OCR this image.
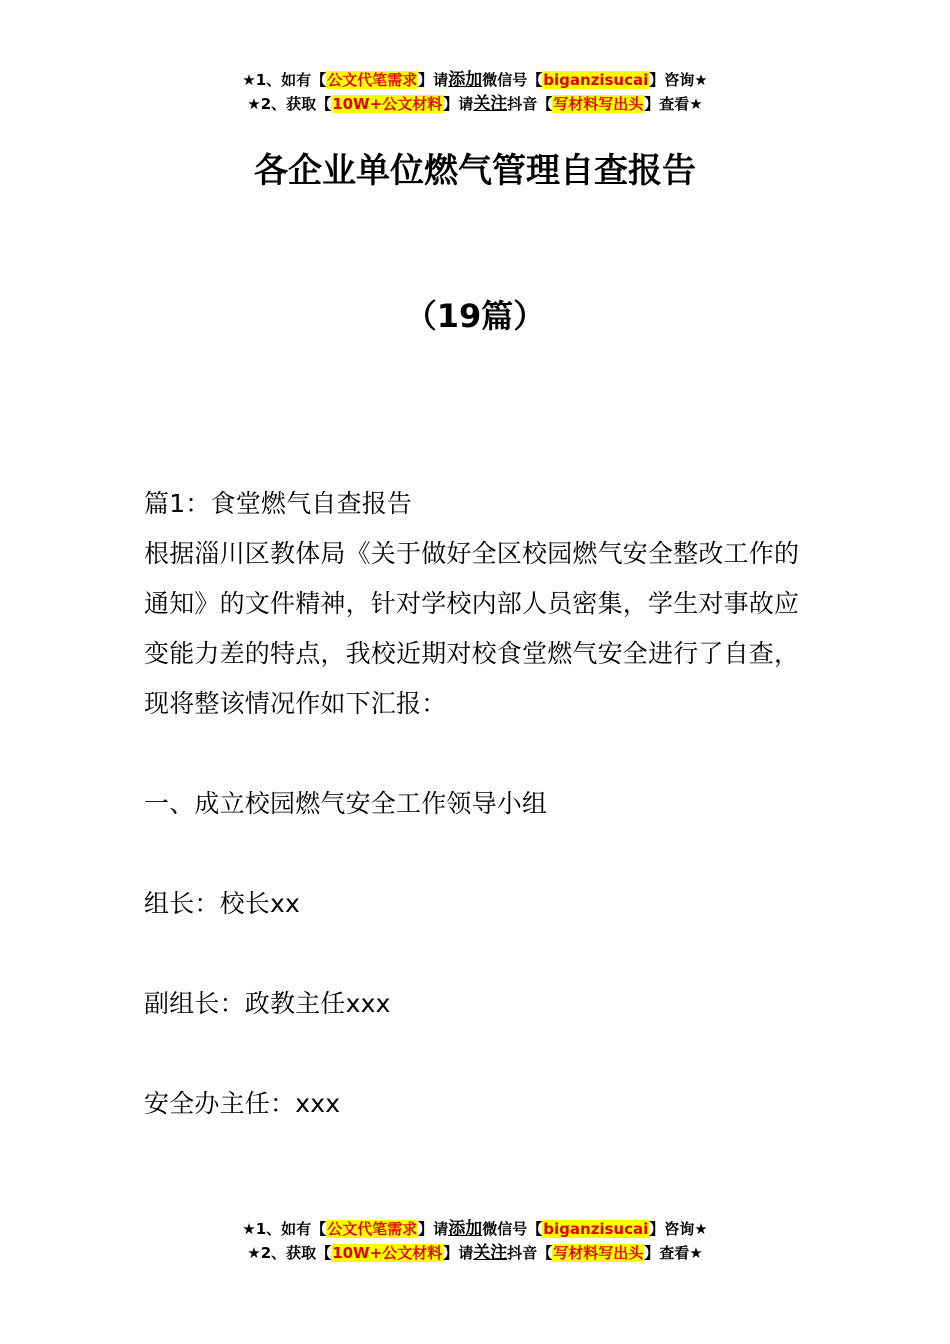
★1、如有【公文代笔需求】请添加微信号【biganzisucai】咨询★
★2、获取【10W+公文材料】请关注抖音【写材料写出头】查看★
各企业单位燃气管理自查报告
（19篇）
篇1：食堂燃气自查报告
根据淄川区教体局《关于做好全区校园燃气安全整改工作的通知》的文件精神，针对学校内部人员密集，学生对事故应变能力差的特点，我校近期对校食堂燃气安全进行了自查，现将整该情况作如下汇报：
一、成立校园燃气安全工作领导小组
组长：校长xx
副组长：政教主任xxx
安全办主任：xxx
★1、如有【公文代笔需求】请添加微信号【biganzisucai】咨询★
★2、获取【10W+公文材料】请关注抖音【写材料写出头】查看★
